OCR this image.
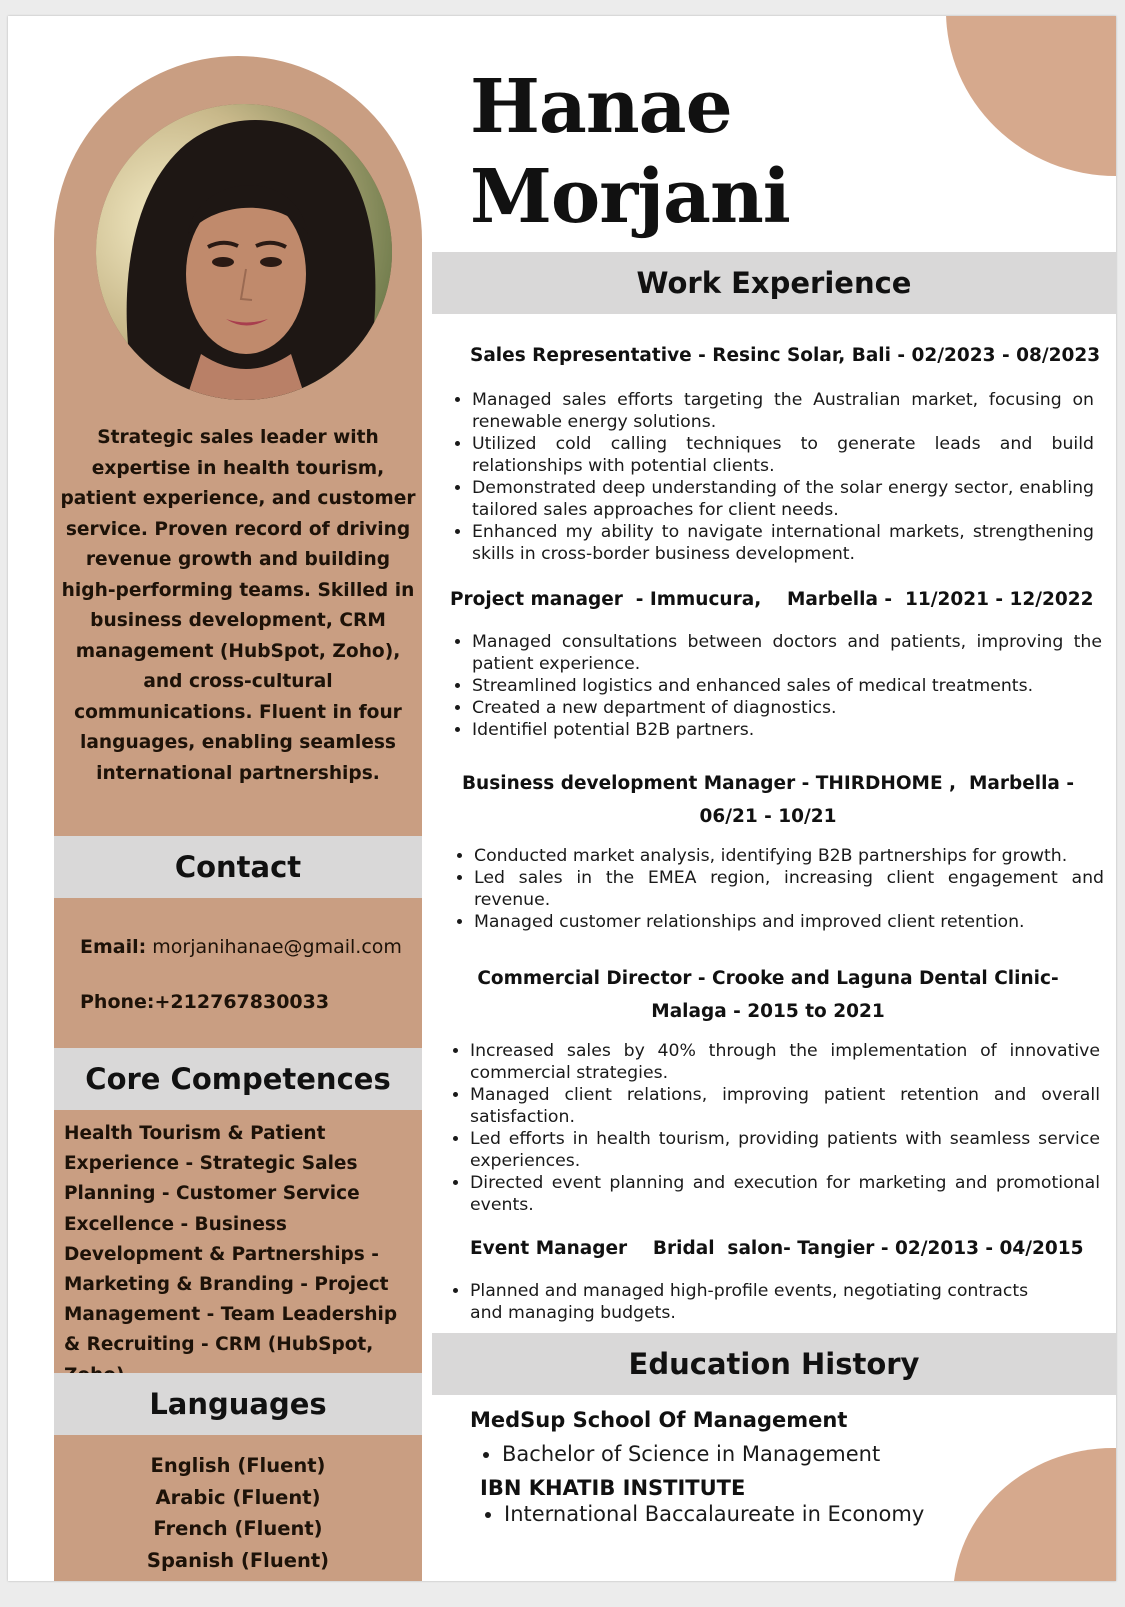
Strategic sales leader with expertise in health tourism, patient experience, and customer service. Proven record of driving revenue growth and building high-performing teams. Skilled in business development, CRM management (HubSpot, Zoho), and cross-cultural communications. Fluent in four languages, enabling seamless international partnerships.
Contact
Email: morjanihanae@gmail.com
Phone:+212767830033
Core Competences
Health Tourism & Patient Experience - Strategic Sales Planning - Customer Service Excellence - Business Development & Partnerships - Marketing & Branding - Project Management - Team Leadership & Recruiting - CRM (HubSpot,
Languages
English (Fluent)
Arabic (Fluent)
French (Fluent)
Spanish (Fluent)
Hanae
Morjani
Work Experience
Sales Representative - Resinc Solar, Bali - 02/2023 - 08/2023
• Managed sales efforts targeting the Australian market, focusing on renewable energy solutions.
• Utilized cold calling techniques to generate leads and build relationships with potential clients.
• Demonstrated deep understanding of the solar energy sector, enabling tailored sales approaches for client needs.
• Enhanced my ability to navigate international markets, strengthening skills in cross-border business development.
Project manager  - Immucura,    Marbella -  11/2021 - 12/2022
• Managed consultations between doctors and patients, improving the patient experience.
• Streamlined logistics and enhanced sales of medical treatments.
• Created a new department of diagnostics.
• Identifiel potential B2B partners.
Business development Manager - THIRDHOME ,  Marbella -
06/21 - 10/21
• Conducted market analysis, identifying B2B partnerships for growth.
• Led sales in the EMEA region, increasing client engagement and revenue.
• Managed customer relationships and improved client retention.
Commercial Director - Crooke and Laguna Dental Clinic-
Malaga - 2015 to 2021
• Increased sales by 40% through the implementation of innovative commercial strategies.
• Managed client relations, improving patient retention and overall satisfaction.
• Led efforts in health tourism, providing patients with seamless service experiences.
• Directed event planning and execution for marketing and promotional events.
Event Manager    Bridal  salon- Tangier - 02/2013 - 04/2015
• Planned and managed high-profile events, negotiating contracts and managing budgets.
Education History
MedSup School Of Management
• Bachelor of Science in Management
IBN KHATIB INSTITUTE
• International Baccalaureate in Economy
